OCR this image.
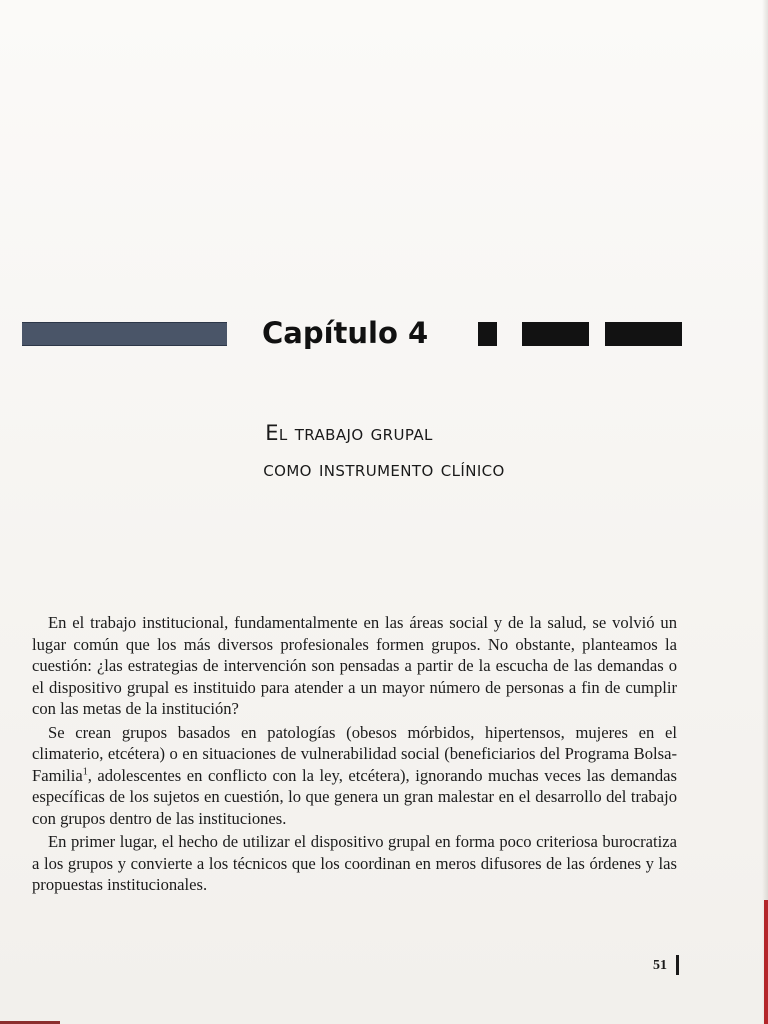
Capítulo 4
El trabajo grupal
como instrumento clínico

En el trabajo institucional, fundamentalmente en las áreas social y de la salud, se volvió un lugar común que los más diversos profesionales formen grupos. No obstante, planteamos la cuestión: ¿las estrategias de intervención son pensadas a partir de la escucha de las demandas o el dispositivo grupal es instituido para atender a un mayor número de personas a fin de cumplir con las metas de la institución?

Se crean grupos basados en patologías (obesos mórbidos, hipertensos, mujeres en el climaterio, etcétera) o en situaciones de vulnerabilidad social (beneficiarios del Programa Bolsa-Familia$^1$, adolescentes en conflicto con la ley, etcétera), ignorando muchas veces las demandas específicas de los sujetos en cuestión, lo que genera un gran malestar en el desarrollo del trabajo con grupos dentro de las instituciones.

En primer lugar, el hecho de utilizar el dispositivo grupal en forma poco criteriosa burocratiza a los grupos y convierte a los técnicos que los coordinan en meros difusores de las órdenes y las propuestas institucionales.

51
